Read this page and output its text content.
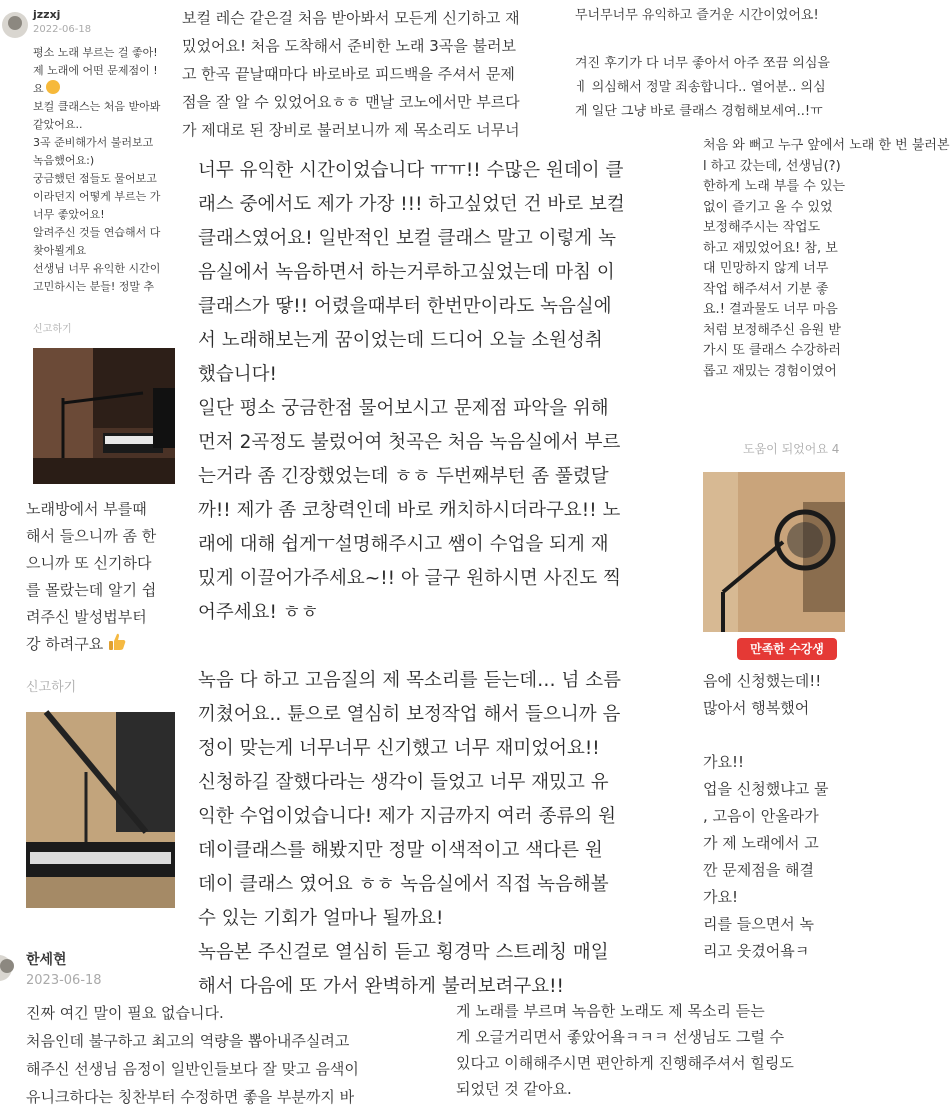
jzzxj
2022-06-18
평소 노래 부르는 걸 좋아!
제 노래에 어떤 문제점이 !
요
보컬 클래스는 처음 받아봐
같았어요..
3곡 준비해가서 불러보고
녹음했어요:)
궁금했던 점들도 물어보고
이라던지 어떻게 부르는 가
너무 좋았어요!
알려주신 것들 연습해서 다
찾아뵐게요
선생님 너무 유익한 시간이
고민하시는 분들! 정말 추
신고하기
노래방에서 부를때
해서 들으니까 좀 한
으니까 또 신기하다
를 몰랐는데 알기 쉽
려주신 발성법부터
강 하려구요
신고하기
한세현
2023-06-18
진짜 여긴 말이 필요 없습니다.
처음인데 불구하고 최고의 역량을 뽑아내주실려고
해주신 선생님 음정이 일반인들보다 잘 맞고 음색이
유니크하다는 칭찬부터 수정하면 좋을 부분까지 바
보컬 레슨 같은걸 처음 받아봐서 모든게 신기하고 재
밌었어요! 처음 도착해서 준비한 노래 3곡을 불러보
고 한곡 끝날때마다 바로바로 피드백을 주셔서 문제
점을 잘 알 수 있었어요ㅎㅎ 맨날 코노에서만 부르다
가 제대로 된 장비로 불러보니까 제 목소리도 너무너
무너무너무 유익하고 즐거운 시간이었어요!

겨진 후기가 다 너무 좋아서 아주 쪼끔 의심을
ㅔ 의심해서 정말 죄송합니다.. 열어분.. 의심
게 일단 그냥 바로 클래스 경험해보세여..!ㅠ
처음 와 뻐고 누구 앞에서 노래 한 번 불러본
l 하고 갔는데, 선생님(?)
한하게 노래 부를 수 있는
없이 즐기고 올 수 있었
보정해주시는 작업도
하고 재밌었어요! 참, 보
대 민망하지 않게 너무
작업 해주셔서 기분 좋
요.! 결과물도 너무 마음
처럼 보정해주신 음원 받
가시 또 클래스 수강하러
롭고 재밌는 경험이였어
도움이 되었어요 4
만족한 수강생
음에 신청했는데!!
많아서 행복했어

가요!!
업을 신청했냐고 물
, 고음이 안올라가
가 제 노래에서 고
깐 문제점을 해결
가요!
리를 들으면서 녹
리고 웃겼어욬ㅋ
게 노래를 부르며 녹음한 노래도 제 목소리 듣는
게 오글거리면서 좋았어욬ㅋㅋㅋ 선생님도 그럴 수
있다고 이해해주시면 편안하게 진행해주셔서 힐링도
되었던 것 같아요.
너무 유익한 시간이었습니다 ㅠㅠ!! 수많은 원데이 클
래스 중에서도 제가 가장 !!! 하고싶었던 건 바로 보컬
클래스였어요! 일반적인 보컬 클래스 말고 이렇게 녹
음실에서 녹음하면서 하는거루하고싶었는데 마침 이
클래스가 땋!! 어렸을때부터 한번만이라도 녹음실에
서 노래해보는게 꿈이었는데 드디어 오늘 소원성취
했습니다!
일단 평소 궁금한점 물어보시고 문제점 파악을 위해
먼저 2곡정도 불렀어여 첫곡은 처음 녹음실에서 부르
는거라 좀 긴장했었는데 ㅎㅎ 두번째부턴 좀 풀렸달
까!! 제가 좀 코창력인데 바로 캐치하시더라구요!! 노
래에 대해 쉽게ㅜ설명해주시고 쌤이 수업을 되게 재
밌게 이끌어가주세요~!! 아 글구 원하시면 사진도 찍
어주세요! ㅎㅎ
녹음 다 하고 고음질의 제 목소리를 듣는데… 넘 소름
끼쳤어요.. 튠으로 열심히 보정작업 해서 들으니까 음
정이 맞는게 너무너무 신기했고 너무 재미었어요!!
신청하길 잘했다라는 생각이 들었고 너무 재밌고 유
익한 수업이었습니다! 제가 지금까지 여러 종류의 원
데이클래스를 해봤지만 정말 이색적이고 색다른 원
데이 클래스 였어요 ㅎㅎ 녹음실에서 직접 녹음해볼
수 있는 기회가 얼마나 될까요!
녹음본 주신걸로 열심히 듣고 횡경막 스트레칭 매일
해서 다음에 또 가서 완벽하게 불러보려구요!!
